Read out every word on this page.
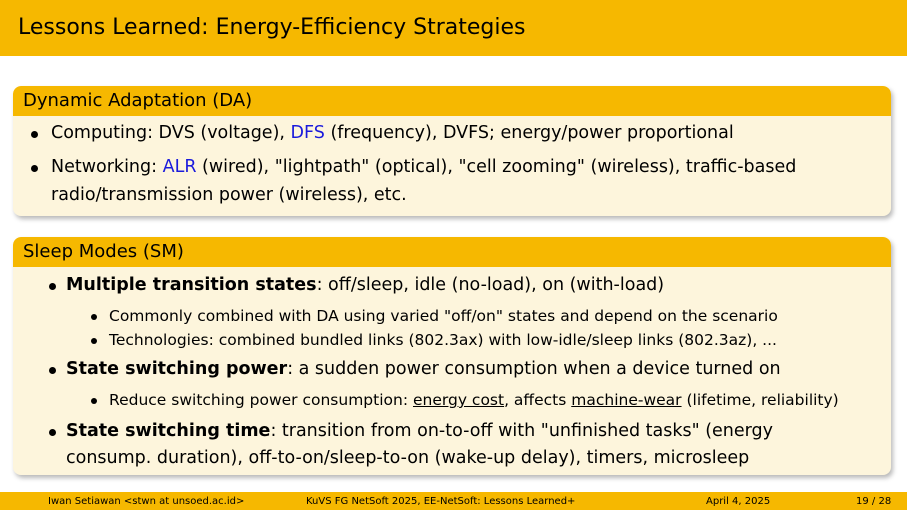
Lessons Learned: Energy-Efficiency Strategies
Dynamic Adaptation (DA)
Computing: DVS (voltage), DFS (frequency), DVFS; energy/power proportional
Networking: ALR (wired), "lightpath" (optical), "cell zooming" (wireless), traffic-based
radio/transmission power (wireless), etc.
Sleep Modes (SM)
Multiple transition states: off/sleep, idle (no-load), on (with-load)
Commonly combined with DA using varied "off/on" states and depend on the scenario
Technologies: combined bundled links (802.3ax) with low-idle/sleep links (802.3az), ...
State switching power: a sudden power consumption when a device turned on
Reduce switching power consumption: energy cost, affects machine-wear (lifetime, reliability)
State switching time: transition from on-to-off with "unfinished tasks" (energy
consump. duration), off-to-on/sleep-to-on (wake-up delay), timers, microsleep
Iwan Setiawan <stwn at unsoed.ac.id>	KuVS FG NetSoft 2025, EE-NetSoft: Lessons Learned+	April 4, 2025	19 / 28
